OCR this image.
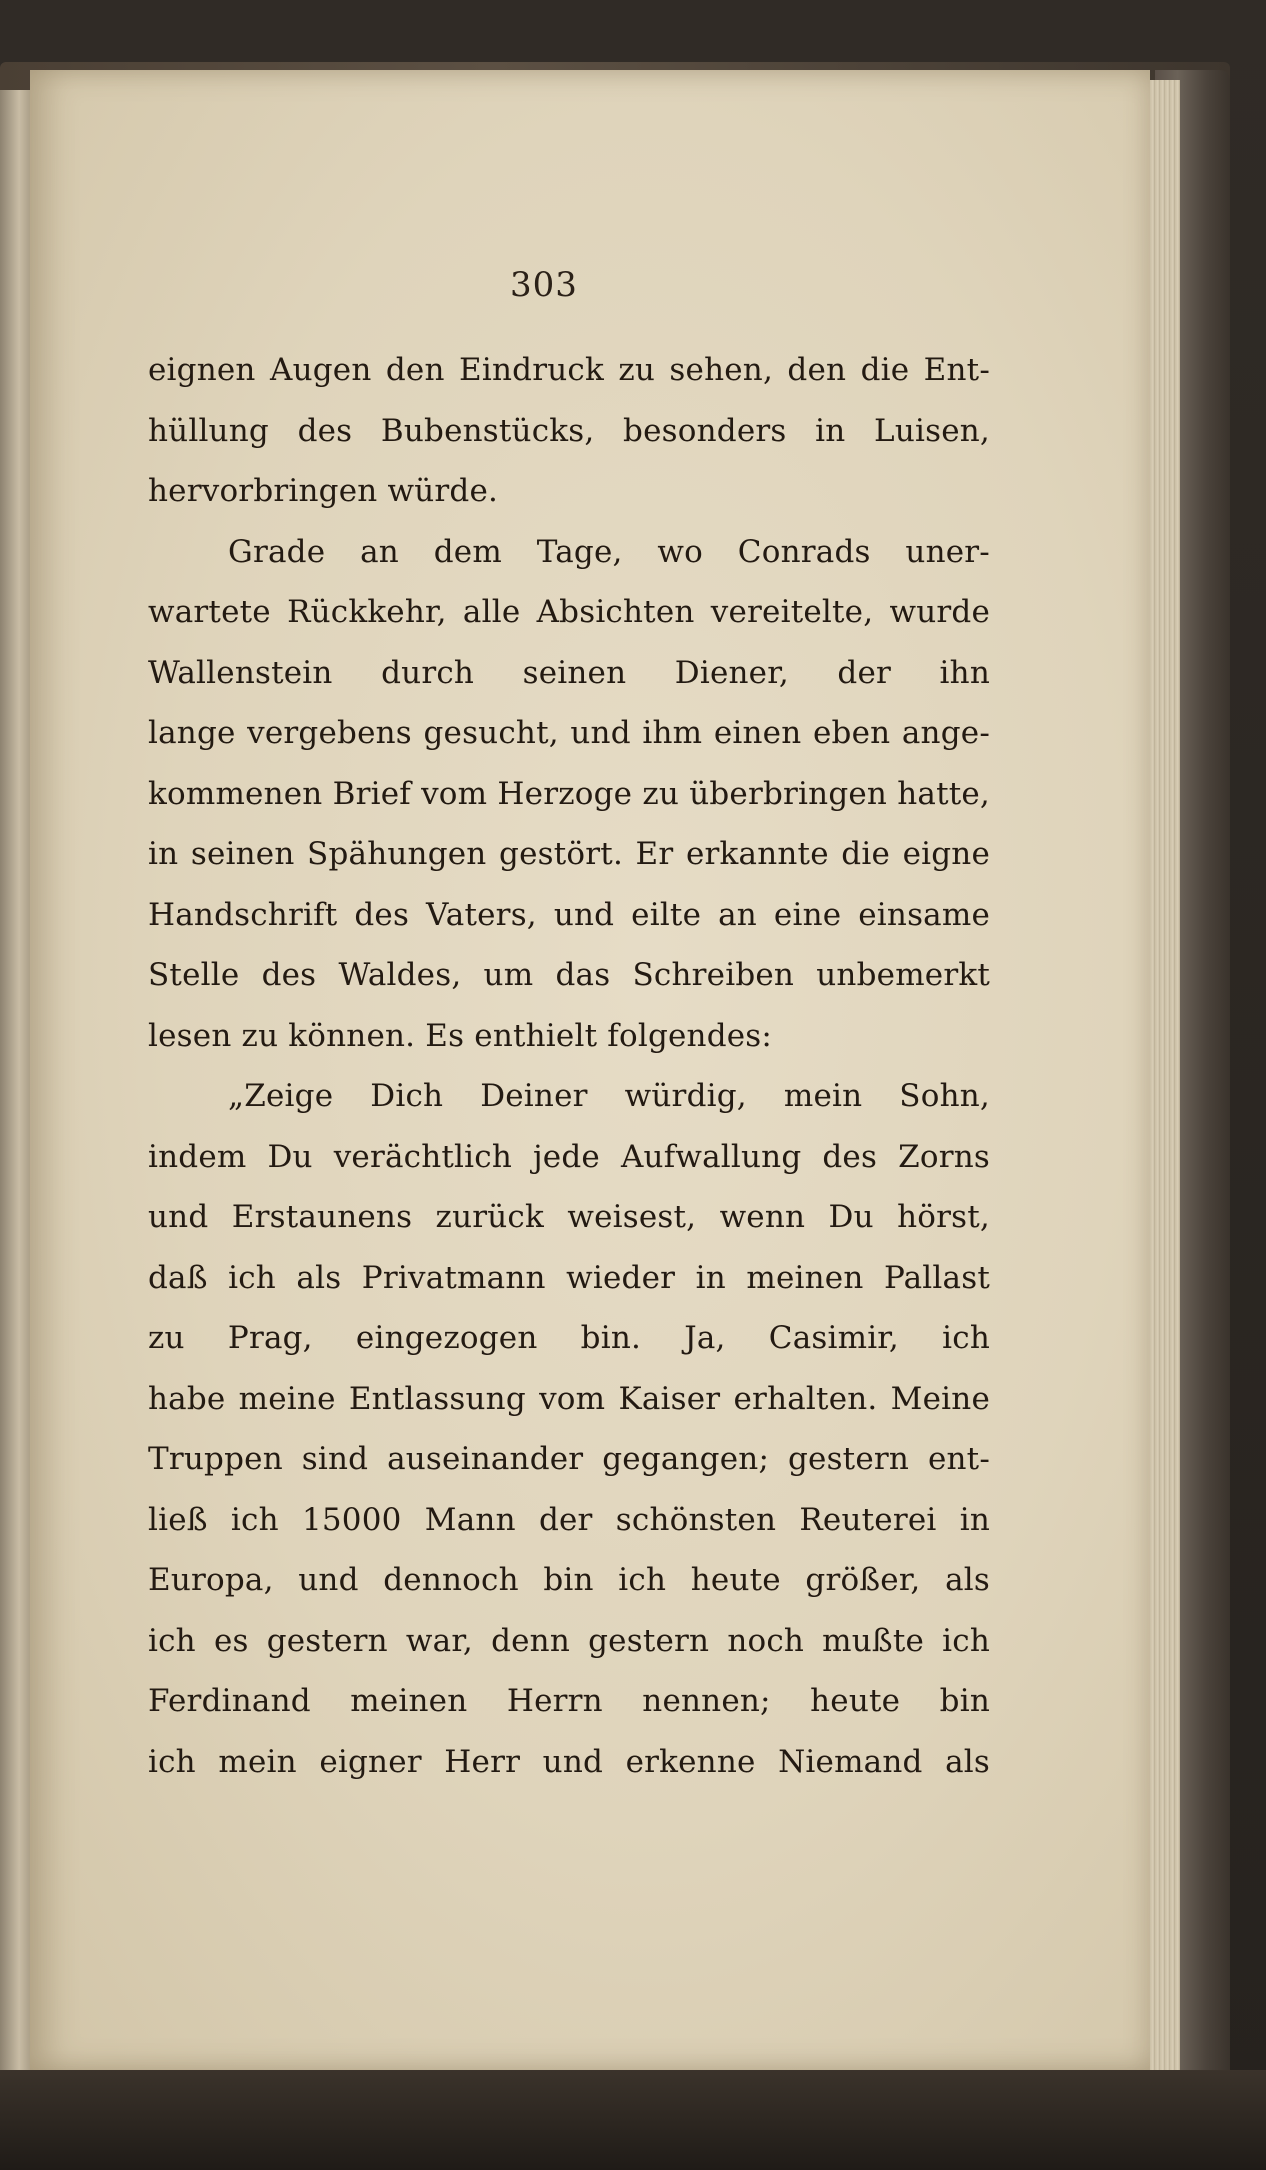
303
eignen Augen den Eindruck zu sehen, den die Ent-
hüllung des Bubenstücks, besonders in Luisen,
hervorbringen würde.
Grade an dem Tage, wo Conrads uner-
wartete Rückkehr, alle Absichten vereitelte, wurde
Wallenstein durch seinen Diener, der ihn
lange vergebens gesucht, und ihm einen eben ange-
kommenen Brief vom Herzoge zu überbringen hatte,
in seinen Spähungen gestört. Er erkannte die eigne
Handschrift des Vaters, und eilte an eine einsame
Stelle des Waldes, um das Schreiben unbemerkt
lesen zu können. Es enthielt folgendes:
„Zeige Dich Deiner würdig, mein Sohn,
indem Du verächtlich jede Aufwallung des Zorns
und Erstaunens zurück weisest, wenn Du hörst,
daß ich als Privatmann wieder in meinen Pallast
zu Prag, eingezogen bin. Ja, Casimir, ich
habe meine Entlassung vom Kaiser erhalten. Meine
Truppen sind auseinander gegangen; gestern ent-
ließ ich 15000 Mann der schönsten Reuterei in
Europa, und dennoch bin ich heute größer, als
ich es gestern war, denn gestern noch mußte ich
Ferdinand meinen Herrn nennen; heute bin
ich mein eigner Herr und erkenne Niemand als
